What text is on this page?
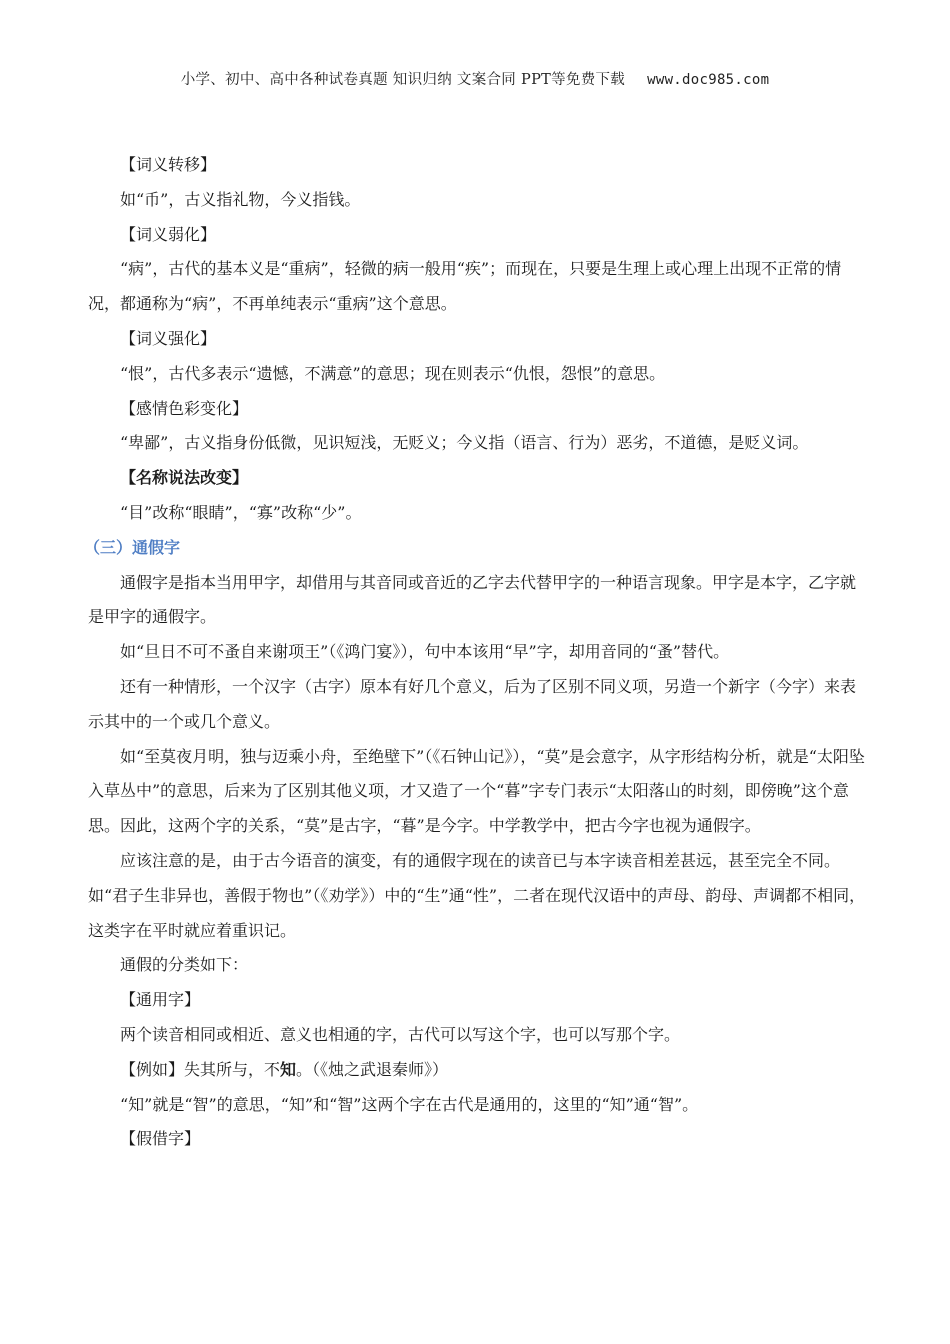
小学、初中、高中各种试卷真题 知识归纳 文案合同 PPT等免费下载 www.doc985.com

【词义转移】

如“币”，古义指礼物，今义指钱。

【词义弱化】

“病”，古代的基本义是“重病”，轻微的病一般用“疾”；而现在，只要是生理上或心理上出现不正常的情况，都通称为“病”，不再单纯表示“重病”这个意思。

【词义强化】

“恨”，古代多表示“遗憾，不满意”的意思；现在则表示“仇恨，怨恨”的意思。

【感情色彩变化】

“卑鄙”，古义指身份低微，见识短浅，无贬义；今义指（语言、行为）恶劣，不道德，是贬义词。

【名称说法改变】

“目”改称“眼睛”，“寡”改称“少”。

（三）通假字

通假字是指本当用甲字，却借用与其音同或音近的乙字去代替甲字的一种语言现象。甲字是本字，乙字就是甲字的通假字。

如“旦日不可不蚤自来谢项王”（《鸿门宴》），句中本该用“早”字，却用音同的“蚤”替代。

还有一种情形，一个汉字（古字）原本有好几个意义，后为了区别不同义项，另造一个新字（今字）来表示其中的一个或几个意义。

如“至莫夜月明，独与迈乘小舟，至绝壁下”（《石钟山记》），“莫”是会意字，从字形结构分析，就是“太阳坠入草丛中”的意思，后来为了区别其他义项，才又造了一个“暮”字专门表示“太阳落山的时刻，即傍晚”这个意思。因此，这两个字的关系，“莫”是古字，“暮”是今字。中学教学中，把古今字也视为通假字。

应该注意的是，由于古今语音的演变，有的通假字现在的读音已与本字读音相差甚远，甚至完全不同。如“君子生非异也，善假于物也”（《劝学》）中的“生”通“性”，二者在现代汉语中的声母、韵母、声调都不相同，这类字在平时就应着重识记。

通假的分类如下：

【通用字】

两个读音相同或相近、意义也相通的字，古代可以写这个字，也可以写那个字。

【例如】失其所与，不知。（《烛之武退秦师》）

“知”就是“智”的意思，“知”和“智”这两个字在古代是通用的，这里的“知”通“智”。

【假借字】
